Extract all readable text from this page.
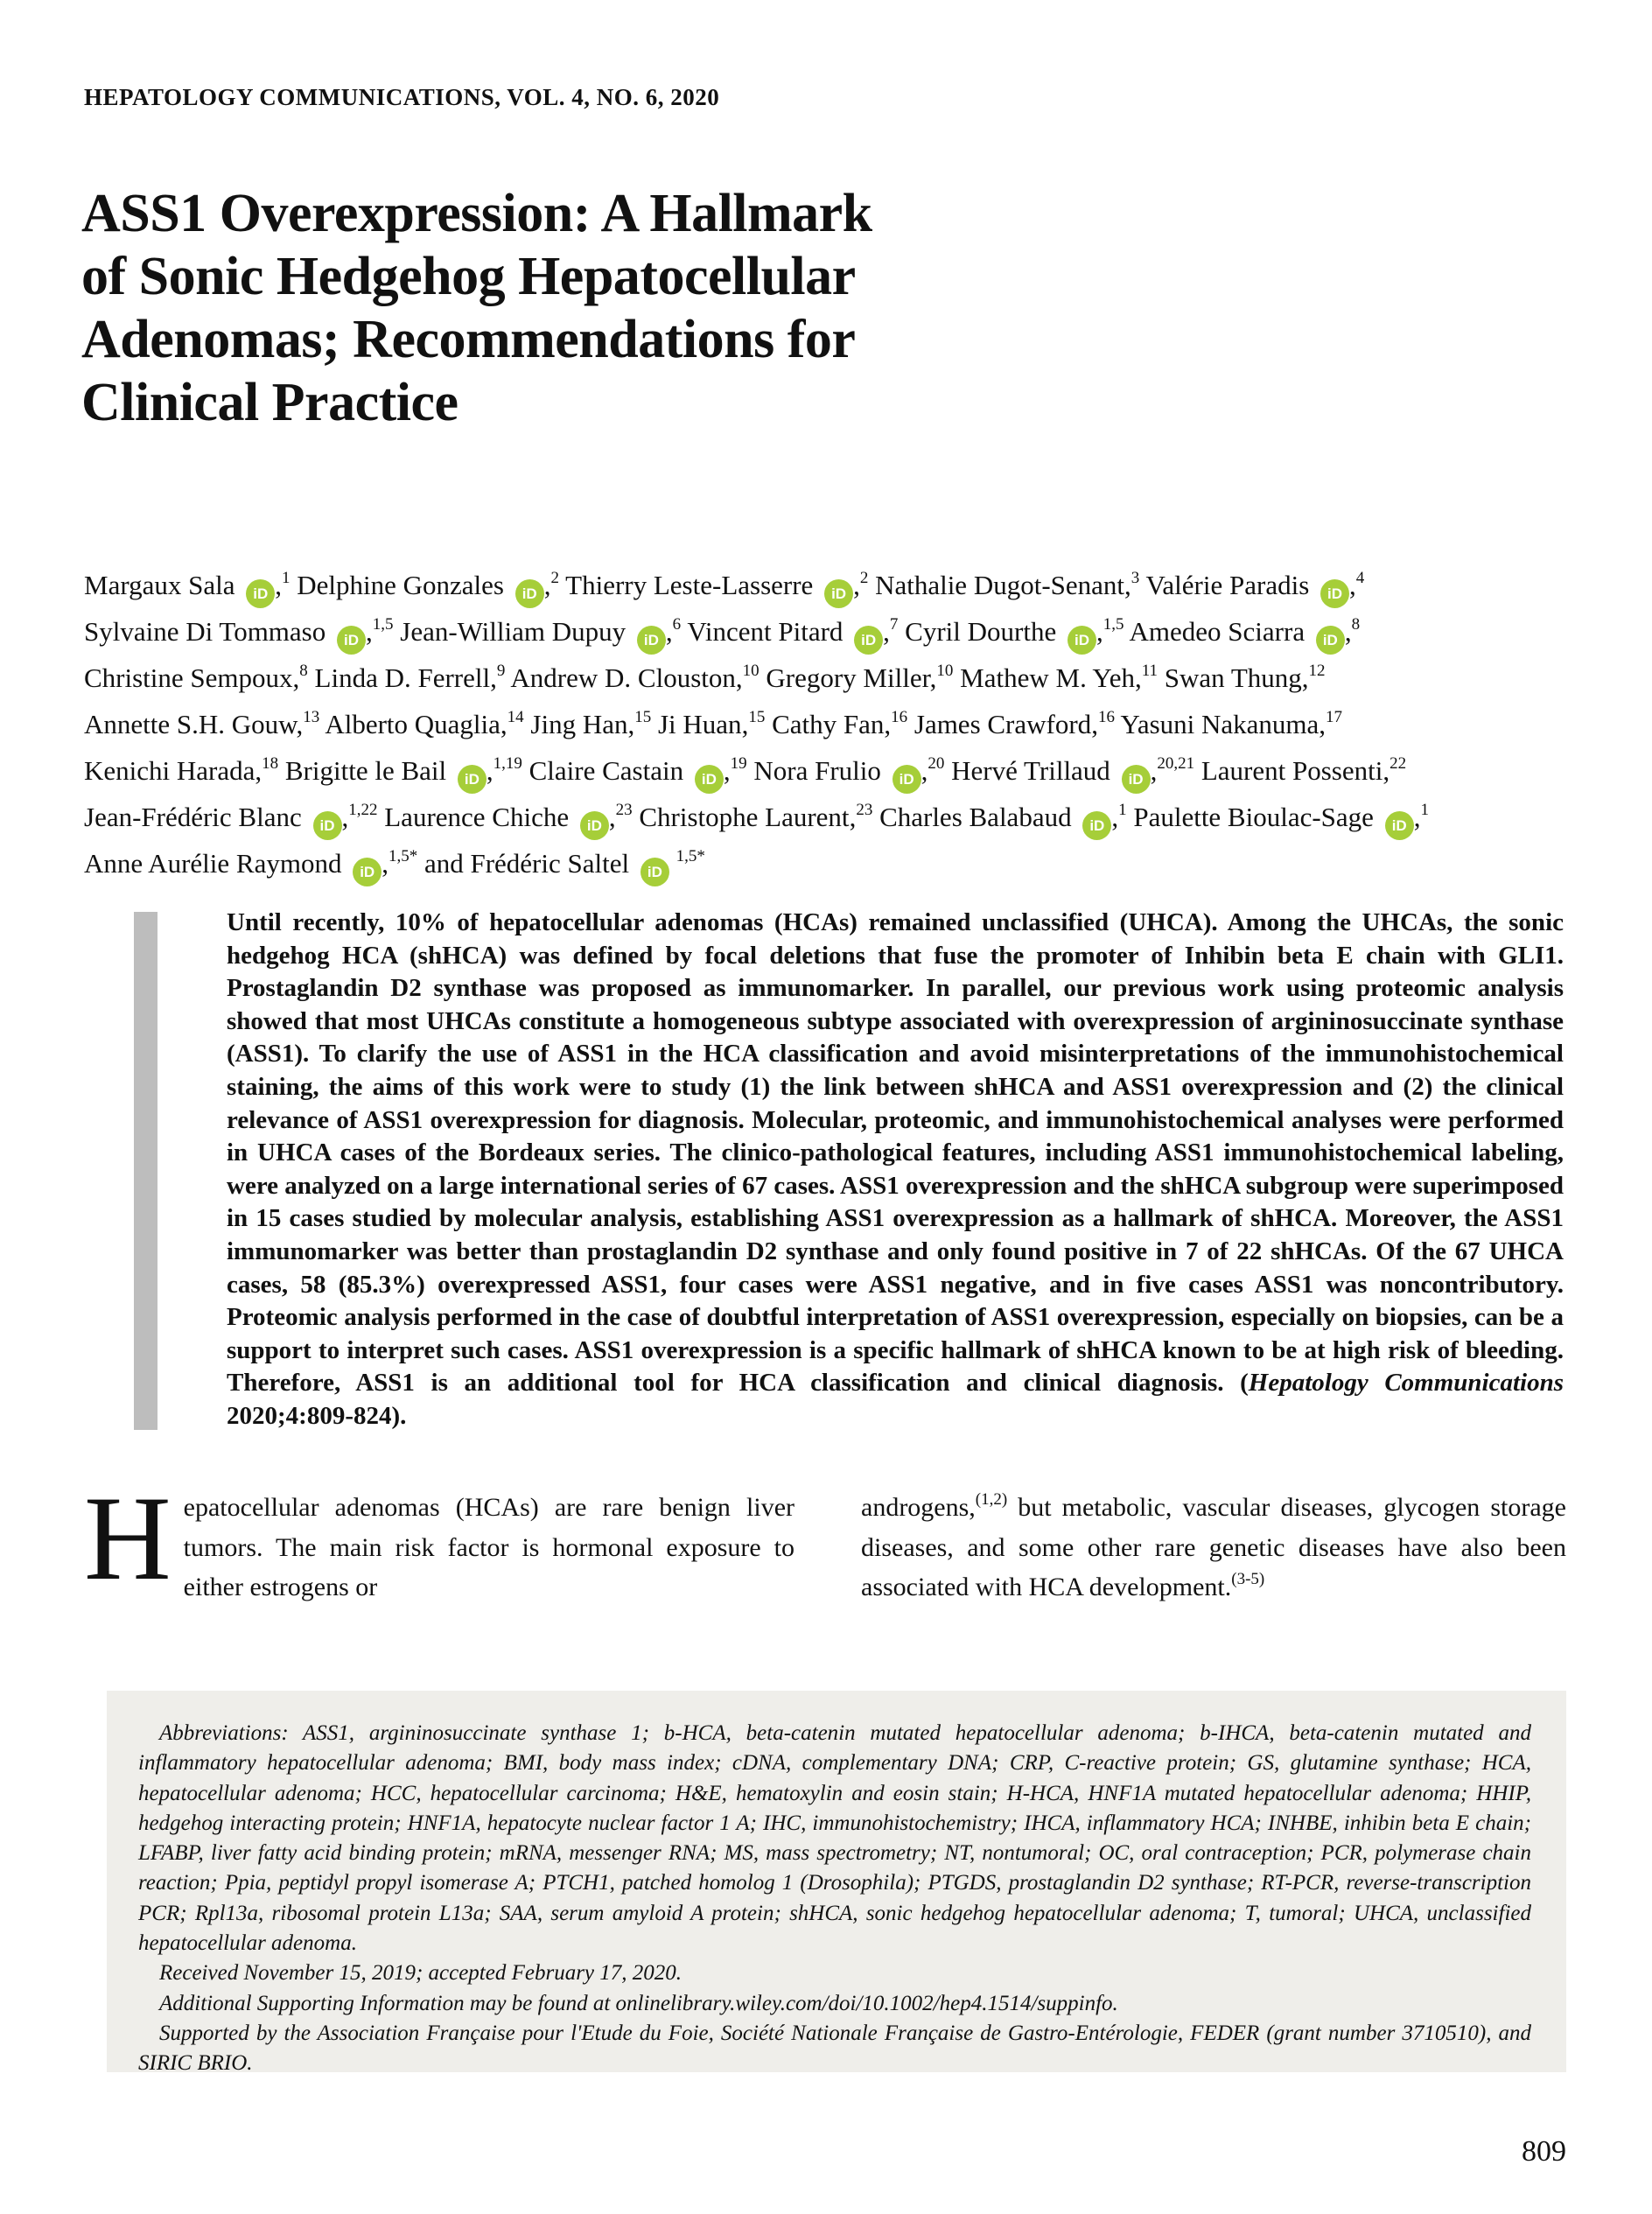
HEPATOLOGY COMMUNICATIONS, VOL. 4, NO. 6, 2020
ASS1 Overexpression: A Hallmark
of Sonic Hedgehog Hepatocellular
Adenomas; Recommendations for
Clinical Practice
Margaux Sala iD ,$^1$ Delphine Gonzales iD ,$^2$ Thierry Leste-Lasserre iD ,$^2$ Nathalie Dugot-Senant,$^3$ Valérie Paradis iD ,$^4$
Sylvaine Di Tommaso iD ,$^{1,5}$ Jean-William Dupuy iD ,$^6$ Vincent Pitard iD ,$^7$ Cyril Dourthe iD ,$^{1,5}$ Amedeo Sciarra iD ,$^8$
Christine Sempoux,$^8$ Linda D. Ferrell,$^9$ Andrew D. Clouston,$^{10}$ Gregory Miller,$^{10}$ Mathew M. Yeh,$^{11}$ Swan Thung,$^{12}$
Annette S.H. Gouw,$^{13}$ Alberto Quaglia,$^{14}$ Jing Han,$^{15}$ Ji Huan,$^{15}$ Cathy Fan,$^{16}$ James Crawford,$^{16}$ Yasuni Nakanuma,$^{17}$
Kenichi Harada,$^{18}$ Brigitte le Bail iD ,$^{1,19}$ Claire Castain iD ,$^{19}$ Nora Frulio iD ,$^{20}$ Hervé Trillaud iD ,$^{20,21}$ Laurent Possenti,$^{22}$
Jean-Frédéric Blanc iD ,$^{1,22}$ Laurence Chiche iD ,$^{23}$ Christophe Laurent,$^{23}$ Charles Balabaud iD ,$^1$ Paulette Bioulac-Sage iD ,$^1$
Anne Aurélie Raymond iD ,$^{1,5*}$ and Frédéric Saltel iD $^{1,5*}$
Until recently, 10% of hepatocellular adenomas (HCAs) remained unclassified (UHCA). Among the UHCAs, the sonic hedgehog HCA (shHCA) was defined by focal deletions that fuse the promoter of Inhibin beta E chain with GLI1. Prostaglandin D2 synthase was proposed as immunomarker. In parallel, our previous work using proteomic analysis showed that most UHCAs constitute a homogeneous subtype associated with overexpression of argininosuccinate synthase (ASS1). To clarify the use of ASS1 in the HCA classification and avoid misinterpretations of the immunohistochemical staining, the aims of this work were to study (1) the link between shHCA and ASS1 overexpression and (2) the clinical relevance of ASS1 overexpression for diagnosis. Molecular, proteomic, and immunohistochemical analyses were performed in UHCA cases of the Bordeaux series. The clinico-pathological features, including ASS1 immunohistochemical labeling, were analyzed on a large international series of 67 cases. ASS1 overexpression and the shHCA subgroup were superimposed in 15 cases studied by molecular analysis, establishing ASS1 overexpression as a hallmark of shHCA. Moreover, the ASS1 immunomarker was better than prostaglandin D2 synthase and only found positive in 7 of 22 shHCAs. Of the 67 UHCA cases, 58 (85.3%) overexpressed ASS1, four cases were ASS1 negative, and in five cases ASS1 was noncontributory. Proteomic analysis performed in the case of doubtful interpretation of ASS1 overexpression, especially on biopsies, can be a support to interpret such cases. ASS1 overexpression is a specific hallmark of shHCA known to be at high risk of bleeding. Therefore, ASS1 is an additional tool for HCA classification and clinical diagnosis. (Hepatology Communications 2020;4:809-824).
Hepatocellular adenomas (HCAs) are rare benign liver tumors. The main risk factor is hormonal exposure to either estrogens or
androgens,$^{(1,2)}$ but metabolic, vascular diseases, glycogen storage diseases, and some other rare genetic diseases have also been associated with HCA development.$^{(3-5)}$

Abbreviations: ASS1, argininosuccinate synthase 1; b-HCA, beta-catenin mutated hepatocellular adenoma; b-IHCA, beta-catenin mutated and inflammatory hepatocellular adenoma; BMI, body mass index; cDNA, complementary DNA; CRP, C-reactive protein; GS, glutamine synthase; HCA, hepatocellular adenoma; HCC, hepatocellular carcinoma; H&E, hematoxylin and eosin stain; H-HCA, HNF1A mutated hepatocellular adenoma; HHIP, hedgehog interacting protein; HNF1A, hepatocyte nuclear factor 1 A; IHC, immunohistochemistry; IHCA, inflammatory HCA; INHBE, inhibin beta E chain; LFABP, liver fatty acid binding protein; mRNA, messenger RNA; MS, mass spectrometry; NT, nontumoral; OC, oral contraception; PCR, polymerase chain reaction; Ppia, peptidyl propyl isomerase A; PTCH1, patched homolog 1 (Drosophila); PTGDS, prostaglandin D2 synthase; RT-PCR, reverse-transcription PCR; Rpl13a, ribosomal protein L13a; SAA, serum amyloid A protein; shHCA, sonic hedgehog hepatocellular adenoma; T, tumoral; UHCA, unclassified hepatocellular adenoma.

Received November 15, 2019; accepted February 17, 2020.

Additional Supporting Information may be found at onlinelibrary.wiley.com/doi/10.1002/hep4.1514/suppinfo.

Supported by the Association Française pour l'Etude du Foie, Société Nationale Française de Gastro-Entérologie, FEDER (grant number 3710510), and SIRIC BRIO.

809
